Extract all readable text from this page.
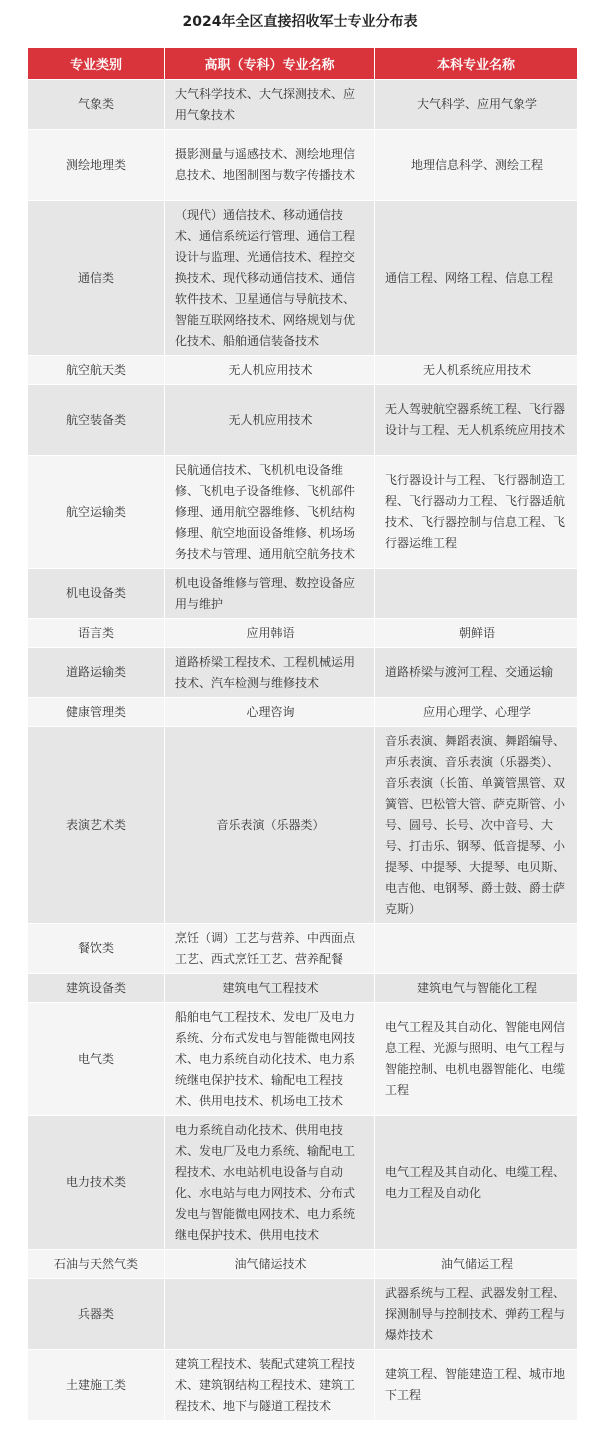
2024年全区直接招收军士专业分布表
专业类别	高职（专科）专业名称	本科专业名称
气象类	大气科学技术、大气探测技术、应用气象技术	大气科学、应用气象学
测绘地理类	摄影测量与遥感技术、测绘地理信息技术、地图制图与数字传播技术	地理信息科学、测绘工程
通信类	（现代）通信技术、移动通信技术、通信系统运行管理、通信工程设计与监理、光通信技术、程控交换技术、现代移动通信技术、通信软件技术、卫星通信与导航技术、智能互联网络技术、网络规划与优化技术、船舶通信装备技术	通信工程、网络工程、信息工程
航空航天类	无人机应用技术	无人机系统应用技术
航空装备类	无人机应用技术	无人驾驶航空器系统工程、飞行器设计与工程、无人机系统应用技术
航空运输类	民航通信技术、飞机机电设备维修、飞机电子设备维修、飞机部件修理、通用航空器维修、飞机结构修理、航空地面设备维修、机场场务技术与管理、通用航空航务技术	飞行器设计与工程、飞行器制造工程、飞行器动力工程、飞行器适航技术、飞行器控制与信息工程、飞行器运维工程
机电设备类	机电设备维修与管理、数控设备应用与维护	
语言类	应用韩语	朝鲜语
道路运输类	道路桥梁工程技术、工程机械运用技术、汽车检测与维修技术	道路桥梁与渡河工程、交通运输
健康管理类	心理咨询	应用心理学、心理学
表演艺术类	音乐表演（乐器类）	音乐表演、舞蹈表演、舞蹈编导、声乐表演、音乐表演（乐器类）、音乐表演（长笛、单簧管黑管、双簧管、巴松管大管、萨克斯管、小号、圆号、长号、次中音号、大号、打击乐、钢琴、低音提琴、小提琴、中提琴、大提琴、电贝斯、电吉他、电钢琴、爵士鼓、爵士萨克斯）
餐饮类	烹饪（调）工艺与营养、中西面点工艺、西式烹饪工艺、营养配餐	
建筑设备类	建筑电气工程技术	建筑电气与智能化工程
电气类	船舶电气工程技术、发电厂及电力系统、分布式发电与智能微电网技术、电力系统自动化技术、电力系统继电保护技术、输配电工程技术、供用电技术、机场电工技术	电气工程及其自动化、智能电网信息工程、光源与照明、电气工程与智能控制、电机电器智能化、电缆工程
电力技术类	电力系统自动化技术、供用电技术、发电厂及电力系统、输配电工程技术、水电站机电设备与自动化、水电站与电力网技术、分布式发电与智能微电网技术、电力系统继电保护技术、供用电技术	电气工程及其自动化、电缆工程、电力工程及自动化
石油与天然气类	油气储运技术	油气储运工程
兵器类		武器系统与工程、武器发射工程、探测制导与控制技术、弹药工程与爆炸技术
土建施工类	建筑工程技术、装配式建筑工程技术、建筑钢结构工程技术、建筑工程技术、地下与隧道工程技术	建筑工程、智能建造工程、城市地下工程
